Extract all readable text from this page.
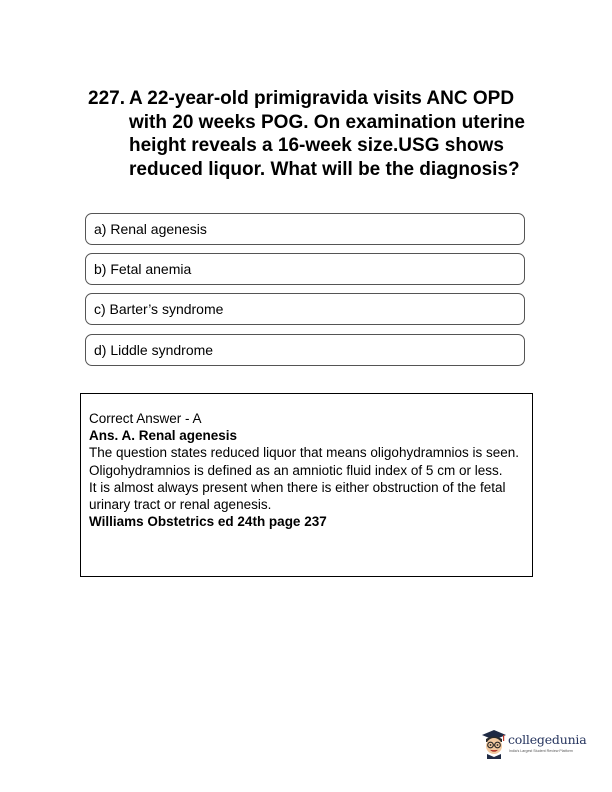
227. A 22-year-old primigravida visits ANC OPD with 20 weeks POG. On examination uterine height reveals a 16-week size.USG shows reduced liquor. What will be the diagnosis?
a) Renal agenesis
b) Fetal anemia
c) Barter’s syndrome
d) Liddle syndrome
Correct Answer - A
Ans. A. Renal agenesis
The question states reduced liquor that means oligohydramnios is seen.
Oligohydramnios is defined as an amniotic fluid index of 5 cm or less.
It is almost always present when there is either obstruction of the fetal urinary tract or renal agenesis.
Williams Obstetrics ed 24th page 237
collegedunia
India's Largest Student Review Platform
